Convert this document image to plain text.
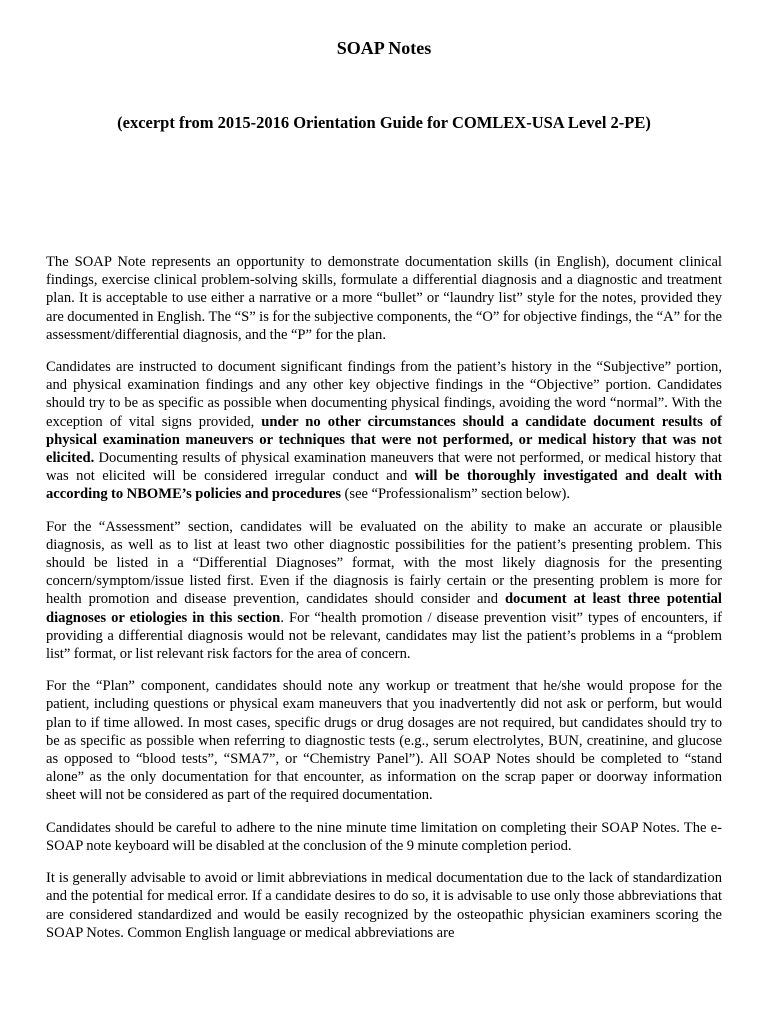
SOAP Notes
(excerpt from 2015-2016 Orientation Guide for COMLEX-USA Level 2-PE)

The SOAP Note represents an opportunity to demonstrate documentation skills (in English), document clinical findings, exercise clinical problem-solving skills, formulate a differential diagnosis and a diagnostic and treatment plan. It is acceptable to use either a narrative or a more “bullet” or “laundry list” style for the notes, provided they are documented in English. The “S” is for the subjective components, the “O” for objective findings, the “A” for the assessment/differential diagnosis, and the “P” for the plan.

Candidates are instructed to document significant findings from the patient’s history in the “Subjective” portion, and physical examination findings and any other key objective findings in the “Objective” portion. Candidates should try to be as specific as possible when documenting physical findings, avoiding the word “normal”. With the exception of vital signs provided, under no other circumstances should a candidate document results of physical examination maneuvers or techniques that were not performed, or medical history that was not elicited. Documenting results of physical examination maneuvers that were not performed, or medical history that was not elicited will be considered irregular conduct and will be thoroughly investigated and dealt with according to NBOME’s policies and procedures (see “Professionalism” section below).

For the “Assessment” section, candidates will be evaluated on the ability to make an accurate or plausible diagnosis, as well as to list at least two other diagnostic possibilities for the patient’s presenting problem. This should be listed in a “Differential Diagnoses” format, with the most likely diagnosis for the presenting concern/symptom/issue listed first. Even if the diagnosis is fairly certain or the presenting problem is more for health promotion and disease prevention, candidates should consider and document at least three potential diagnoses or etiologies in this section. For “health promotion / disease prevention visit” types of encounters, if providing a differential diagnosis would not be relevant, candidates may list the patient’s problems in a “problem list” format, or list relevant risk factors for the area of concern.

For the “Plan” component, candidates should note any workup or treatment that he/she would propose for the patient, including questions or physical exam maneuvers that you inadvertently did not ask or perform, but would plan to if time allowed. In most cases, specific drugs or drug dosages are not required, but candidates should try to be as specific as possible when referring to diagnostic tests (e.g., serum electrolytes, BUN, creatinine, and glucose as opposed to “blood tests”, “SMA7”, or “Chemistry Panel”). All SOAP Notes should be completed to “stand alone” as the only documentation for that encounter, as information on the scrap paper or doorway information sheet will not be considered as part of the required documentation.

Candidates should be careful to adhere to the nine minute time limitation on completing their SOAP Notes. The e-SOAP note keyboard will be disabled at the conclusion of the 9 minute completion period.

It is generally advisable to avoid or limit abbreviations in medical documentation due to the lack of standardization and the potential for medical error. If a candidate desires to do so, it is advisable to use only those abbreviations that are considered standardized and would be easily recognized by the osteopathic physician examiners scoring the SOAP Notes. Common English language or medical abbreviations are
